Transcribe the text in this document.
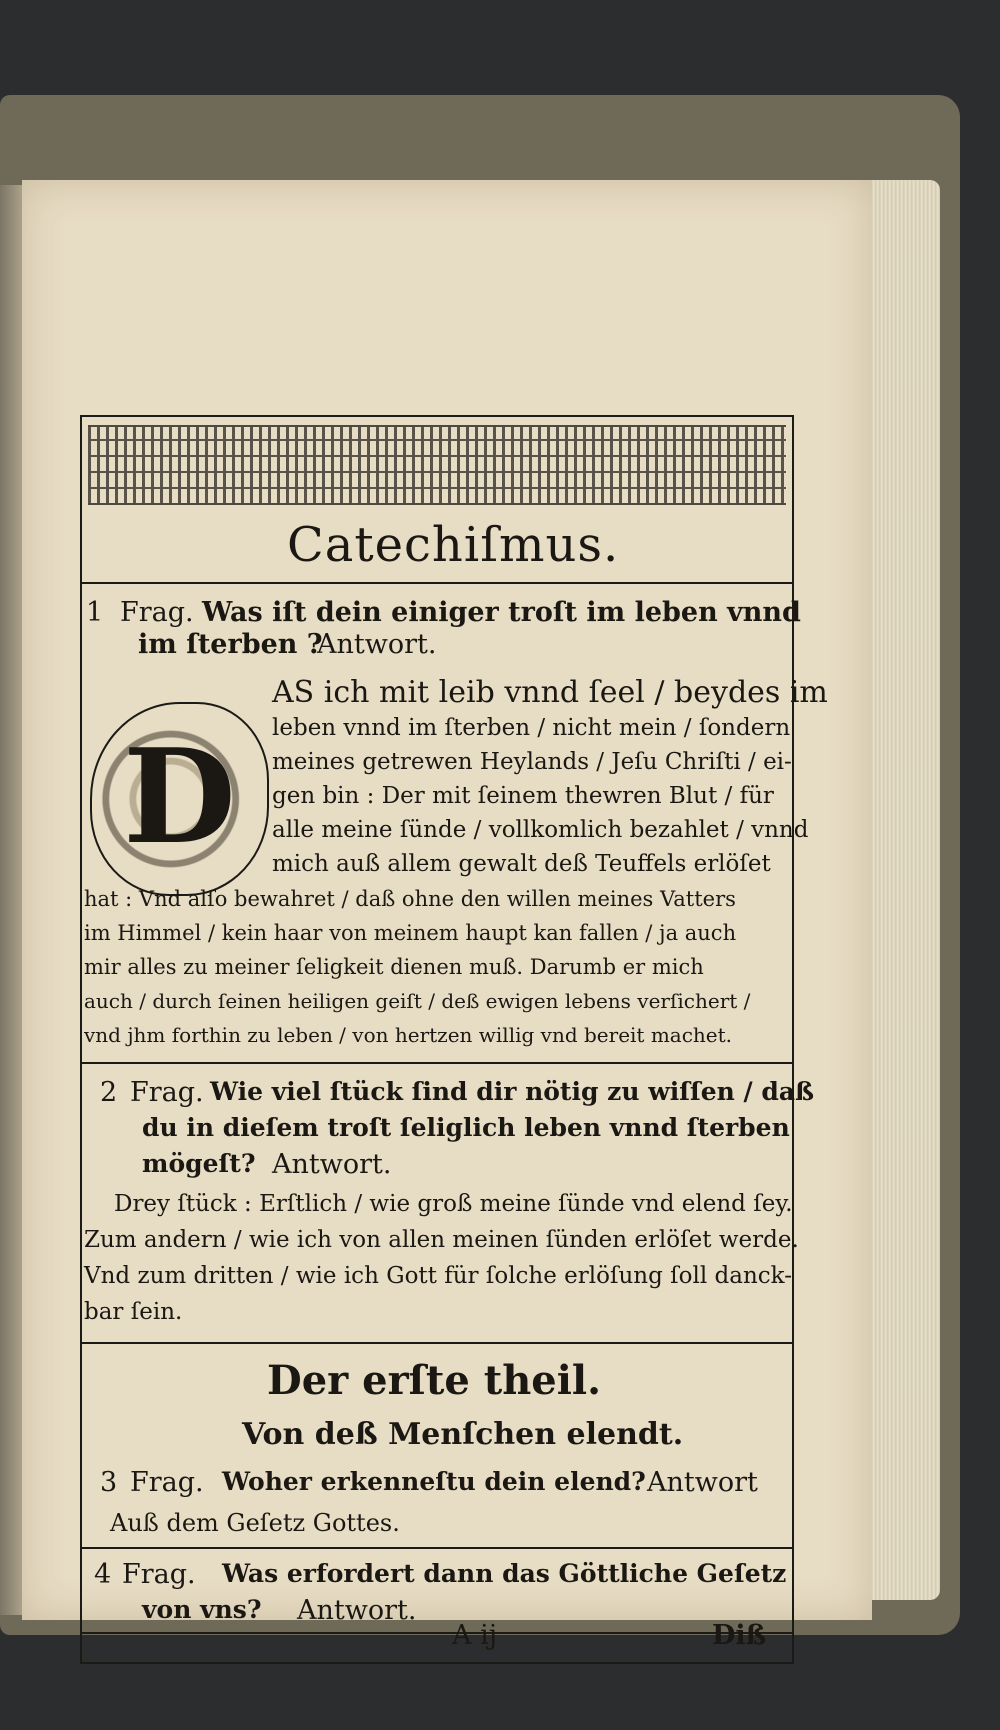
Catechiſmus.
1 Frag. Was iſt dein einiger troſt im leben vnnd
im ſterben ?
Antwort.
D
AS ich mit leib vnnd ſeel / beydes im
leben vnnd im ſterben / nicht mein / ſondern
meines getrewen Heylands / Jeſu Chriſti / ei-
gen bin : Der mit ſeinem thewren Blut / für
alle meine ſünde / vollkomlich bezahlet / vnnd
mich auß allem gewalt deß Teuffels erlöſet
hat : Vnd alſo bewahret / daß ohne den willen meines Vatters
im Himmel / kein haar von meinem haupt kan fallen / ja auch
mir alles zu meiner ſeligkeit dienen muß. Darumb er mich
auch / durch ſeinen heiligen geiſt / deß ewigen lebens verſichert /
vnd jhm forthin zu leben / von hertzen willig vnd bereit machet.
2 Frag. Wie viel ſtück ſind dir nötig zu wiſſen / daß
du in dieſem troſt ſeliglich leben vnnd ſterben
mögeſt? Antwort.
Drey ſtück : Erſtlich / wie groß meine ſünde vnd elend ſey.
Zum andern / wie ich von allen meinen ſünden erlöſet werde.
Vnd zum dritten / wie ich Gott für ſolche erlöſung ſoll danck-
bar ſein.
Der erſte theil.
Von deß Menſchen elendt.
3 Frag. Woher erkenneſtu dein elend? Antwort
Auß dem Geſetz Gottes.
4 Frag. Was erfordert dann das Göttliche Geſetz
von vns? Antwort.
A ij	Diß
